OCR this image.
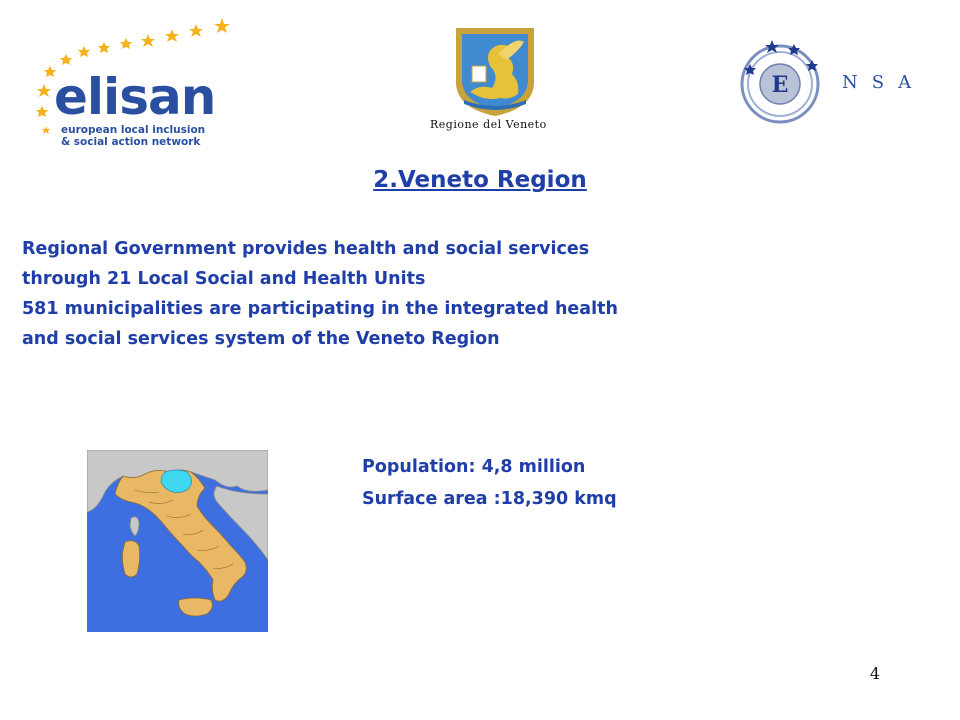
elisan
european local inclusion
& social action network
Regione del Veneto
E	NSA
2.Veneto Region
Regional Government provides health and social services
through 21 Local Social and Health Units
581 municipalities are participating in the integrated health
and social services system of the Veneto Region
Population: 4,8 million
Surface area :18,390 kmq
4
